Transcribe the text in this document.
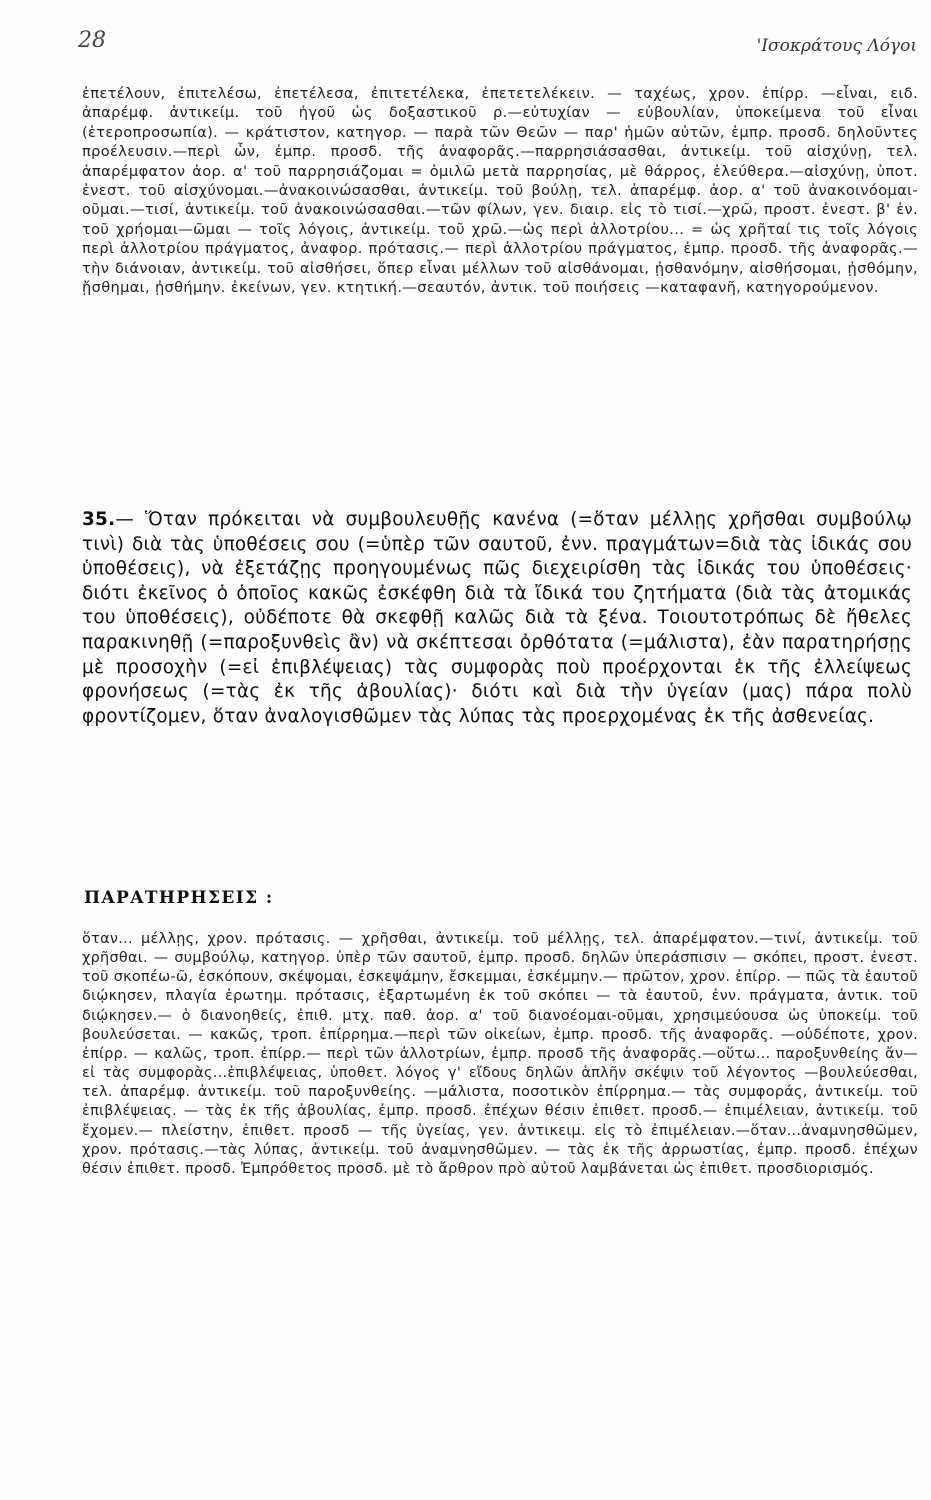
28	'Ισοκράτους Λόγοι

ἐπετέλουν, ἐπιτελέσω, ἐπετέλεσα, ἐπιτετέλεκα, ἐπετετελέκειν. — ταχέως, χρον. ἐπίρρ. —εἶναι, ειδ. ἀπαρέμφ. ἀντικείμ. τοῦ ἡγοῦ ὡς δοξαστικοῦ ρ.—εὐτυχίαν — εὐβουλίαν, ὑποκείμενα τοῦ εἶναι (ἑτεροπροσωπία). — κράτιστον, κατηγορ. — παρὰ τῶν Θεῶν — παρ' ἡμῶν αὐτῶν, ἐμπρ. προσδ. δηλοῦντες προέλευσιν.—περὶ ὧν, ἐμπρ. προσδ. τῆς ἀναφορᾶς.—παρρησιάσασθαι, ἀντικείμ. τοῦ αἰσχύνῃ, τελ. ἀπαρέμφατον ἀορ. α' τοῦ παρρησιάζομαι = ὁμιλῶ μετὰ παρρησίας, μὲ θάρρος, ἐλεύθερα.—αἰσχύνῃ, ὑποτ. ἐνεστ. τοῦ αἰσχύνομαι.—ἀνακοινώσασθαι, ἀντικείμ. τοῦ βούλῃ, τελ. ἀπαρέμφ. ἀορ. α' τοῦ ἀνακοινόομαι-οῦμαι.—τισί, ἀντικείμ. τοῦ ἀνακοινώσασθαι.—τῶν φίλων, γεν. διαιρ. εἰς τὸ τισί.—χρῶ, προστ. ἐνεστ. β' ἑν. τοῦ χρήομαι—ῶμαι — τοῖς λόγοις, ἀντικείμ. τοῦ χρῶ.—ὡς περὶ ἀλλοτρίου... = ὡς χρῆταί τις τοῖς λόγοις περὶ ἀλλοτρίου πράγματος, ἀναφορ. πρότασις.— περὶ ἀλλοτρίου πράγματος, ἐμπρ. προσδ. τῆς ἀναφορᾶς.— τὴν διάνοιαν, ἀντικείμ. τοῦ αἰσθήσει, ὅπερ εἶναι μέλλων τοῦ αἰσθάνομαι, ᾐσθανόμην, αἰσθήσομαι, ᾐσθόμην, ᾔσθημαι, ᾐσθήμην. ἐκείνων, γεν. κτητική.—σεαυτόν, ἀντικ. τοῦ ποιήσεις —καταφανῆ, κατηγορούμενον.

35.— Ὅταν πρόκειται νὰ συμβουλευθῇς κανένα (=ὅταν μέλλῃς χρῆσθαι συμβούλῳ τινὶ) διὰ τὰς ὑποθέσεις σου (=ὑπὲρ τῶν σαυτοῦ, ἐνν. πραγμάτων=διὰ τὰς ἰδικάς σου ὑποθέσεις), νὰ ἐξετάζῃς προηγουμένως πῶς διεχειρίσθη τὰς ἰδικάς του ὑποθέσεις· διότι ἐκεῖνος ὁ ὁποῖος κακῶς ἐσκέφθη διὰ τὰ ἴδικά του ζητήματα (διὰ τὰς ἀτομικάς του ὑποθέσεις), οὐδέποτε θὰ σκεφθῇ καλῶς διὰ τὰ ξένα. Τοιουτοτρόπως δὲ ἤθελες παρακινηθῇ (=παροξυνθεὶς ἂν) νὰ σκέπτεσαι ὀρθότατα (=μάλιστα), ἐὰν παρατηρήσῃς μὲ προσοχὴν (=εἰ ἐπιβλέψειας) τὰς συμφορὰς ποὺ προέρχονται ἐκ τῆς ἐλλείψεως φρονήσεως (=τὰς ἐκ τῆς ἀβουλίας)· διότι καὶ διὰ τὴν ὑγείαν (μας) πάρα πολὺ φροντίζομεν, ὅταν ἀναλογισθῶμεν τὰς λύπας τὰς προερχομένας ἐκ τῆς ἀσθενείας.
ΠΑΡΑΤΗΡΗΣΕΙΣ :

ὅταν... μέλλῃς, χρον. πρότασις. — χρῆσθαι, ἀντικείμ. τοῦ μέλλῃς, τελ. ἀπαρέμφατον.—τινί, ἀντικείμ. τοῦ χρῆσθαι. — συμβούλῳ, κατηγορ. ὑπὲρ τῶν σαυτοῦ, ἐμπρ. προσδ. δηλῶν ὑπεράσπισιν — σκόπει, προστ. ἐνεστ. τοῦ σκοπέω-ῶ, ἐσκόπουν, σκέψομαι, ἐσκεψάμην, ἔσκεμμαι, ἐσκέμμην.— πρῶτον, χρον. ἐπίρρ. — πῶς τὰ ἑαυτοῦ διῴκησεν, πλαγία ἐρωτημ. πρότασις, ἐξαρτωμένη ἐκ τοῦ σκόπει — τὰ ἑαυτοῦ, ἐνν. πράγματα, ἀντικ. τοῦ διῴκησεν.— ὁ διανοηθείς, ἐπιθ. μτχ. παθ. ἀορ. α' τοῦ διανοέομαι-οῦμαι, χρησιμεύουσα ὡς ὑποκείμ. τοῦ βουλεύσεται. — κακῶς, τροπ. ἐπίρρημα.—περὶ τῶν οἰκείων, ἐμπρ. προσδ. τῆς ἀναφορᾶς. —οὐδέποτε, χρον. ἐπίρρ. — καλῶς, τροπ. ἐπίρρ.— περὶ τῶν ἀλλοτρίων, ἐμπρ. προσδ τῆς ἀναφορᾶς.—οὕτω... παροξυνθείης ἄν— εἰ τὰς συμφορὰς...ἐπιβλέψειας, ὑποθετ. λόγος γ' εἴδους δηλῶν ἁπλῆν σκέψιν τοῦ λέγοντος —βουλεύεσθαι, τελ. ἀπαρέμφ. ἀντικείμ. τοῦ παροξυνθείης. —μάλιστα, ποσοτικὸν ἐπίρρημα.— τὰς συμφοράς, ἀντικείμ. τοῦ ἐπιβλέψειας. — τὰς ἐκ τῆς ἀβουλίας, ἐμπρ. προσδ. ἐπέχων θέσιν ἐπιθετ. προσδ.— ἐπιμέλειαν, ἀντικείμ. τοῦ ἔχομεν.— πλείστην, ἐπιθετ. προσδ — τῆς ὑγείας, γεν. ἀντικειμ. εἰς τὸ ἐπιμέλειαν.—ὅταν...ἀναμνησθῶμεν, χρον. πρότασις.—τὰς λύπας, ἀντικείμ. τοῦ ἀναμνησθῶμεν. — τὰς ἐκ τῆς ἀρρωστίας, ἐμπρ. προσδ. ἐπέχων θέσιν ἐπιθετ. προσδ. Ἐμπρόθετος προσδ. μὲ τὸ ἄρθρον πρὸ αὐτοῦ λαμβάνεται ὡς ἐπιθετ. προσδιορισμός.
